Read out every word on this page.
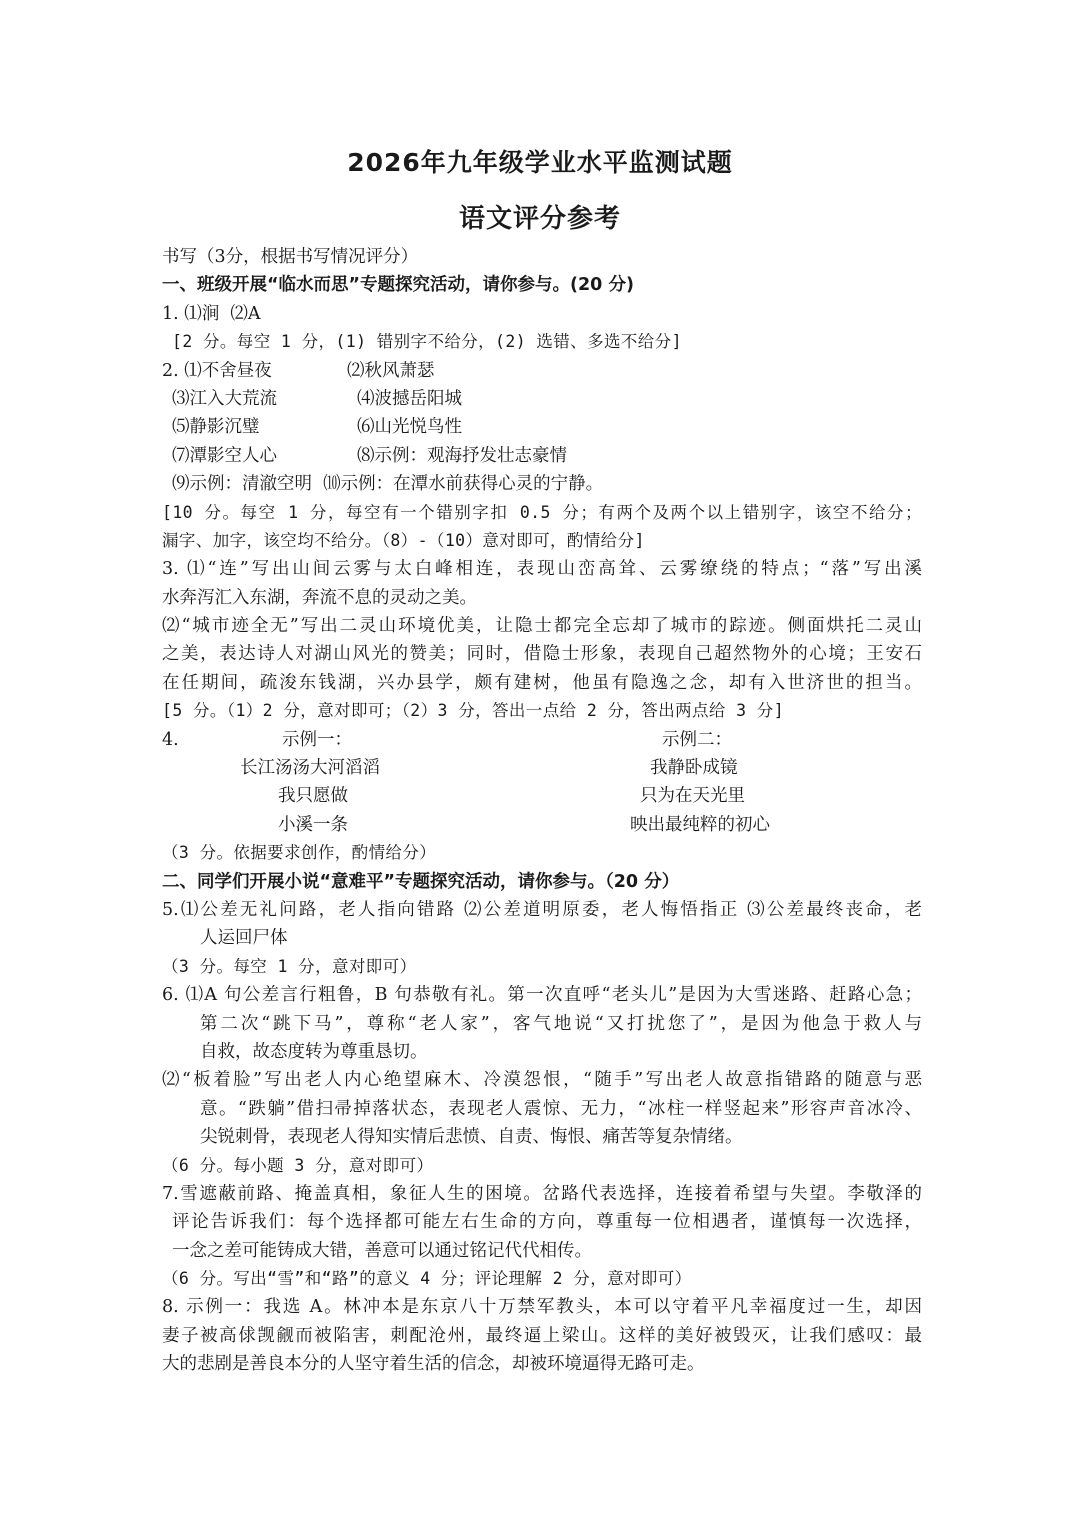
2026年九年级学业水平监测试题
语文评分参考
书写（3分，根据书写情况评分）
一、班级开展“临水而思”专题探究活动，请你参与。(20 分)
1. ⑴涧  ⑵A
[2 分。每空 1 分，(1) 错别字不给分，(2) 选错、多选不给分]
2. ⑴不舍昼夜	⑵秋风萧瑟
⑶江入大荒流	⑷波撼岳阳城
⑸静影沉璧	⑹山光悦鸟性
⑺潭影空人心	⑻示例：观海抒发壮志豪情
⑼示例：清澈空明  ⑽示例：在潭水前获得心灵的宁静。
[10 分。每空 1 分，每空有一个错别字扣 0.5 分；有两个及两个以上错别字，该空不给分；
漏字、加字，该空均不给分。（8）-（10）意对即可，酌情给分]
3. ⑴“连”写出山间云雾与太白峰相连，表现山峦高耸、云雾缭绕的特点；“落”写出溪
水奔泻汇入东湖，奔流不息的灵动之美。
⑵“城市迹全无”写出二灵山环境优美，让隐士都完全忘却了城市的踪迹。侧面烘托二灵山
之美，表达诗人对湖山风光的赞美；同时，借隐士形象，表现自己超然物外的心境；王安石
在任期间，疏浚东钱湖，兴办县学，颇有建树，他虽有隐逸之念，却有入世济世的担当。
[5 分。（1）2 分，意对即可；（2）3 分，答出一点给 2 分，答出两点给 3 分]
4.	示例一：	示例二：
长江汤汤大河滔滔	我静卧成镜
我只愿做	只为在天光里
小溪一条	映出最纯粹的初心
（3 分。依据要求创作，酌情给分）
二、同学们开展小说“意难平”专题探究活动，请你参与。（20 分）
5.⑴公差无礼问路，老人指向错路 ⑵公差道明原委，老人悔悟指正 ⑶公差最终丧命，老
人运回尸体
（3 分。每空 1 分，意对即可）
6. ⑴A 句公差言行粗鲁，B 句恭敬有礼。第一次直呼“老头儿”是因为大雪迷路、赶路心急；
第二次“跳下马”，尊称“老人家”，客气地说“又打扰您了”，是因为他急于救人与
自救，故态度转为尊重恳切。
⑵“板着脸”写出老人内心绝望麻木、冷漠怨恨，“随手”写出老人故意指错路的随意与恶
意。“跌躺”借扫帚掉落状态，表现老人震惊、无力，“冰柱一样竖起来”形容声音冰冷、
尖锐刺骨，表现老人得知实情后悲愤、自责、悔恨、痛苦等复杂情绪。
（6 分。每小题 3 分，意对即可）
7.雪遮蔽前路、掩盖真相，象征人生的困境。岔路代表选择，连接着希望与失望。李敬泽的
评论告诉我们：每个选择都可能左右生命的方向，尊重每一位相遇者，谨慎每一次选择，
一念之差可能铸成大错，善意可以通过铭记代代相传。
（6 分。写出“雪”和“路”的意义 4 分；评论理解 2 分，意对即可）
8. 示例一：我选 A。林冲本是东京八十万禁军教头，本可以守着平凡幸福度过一生，却因
妻子被高俅觊觎而被陷害，刺配沧州，最终逼上梁山。这样的美好被毁灭，让我们感叹：最
大的悲剧是善良本分的人坚守着生活的信念，却被环境逼得无路可走。
